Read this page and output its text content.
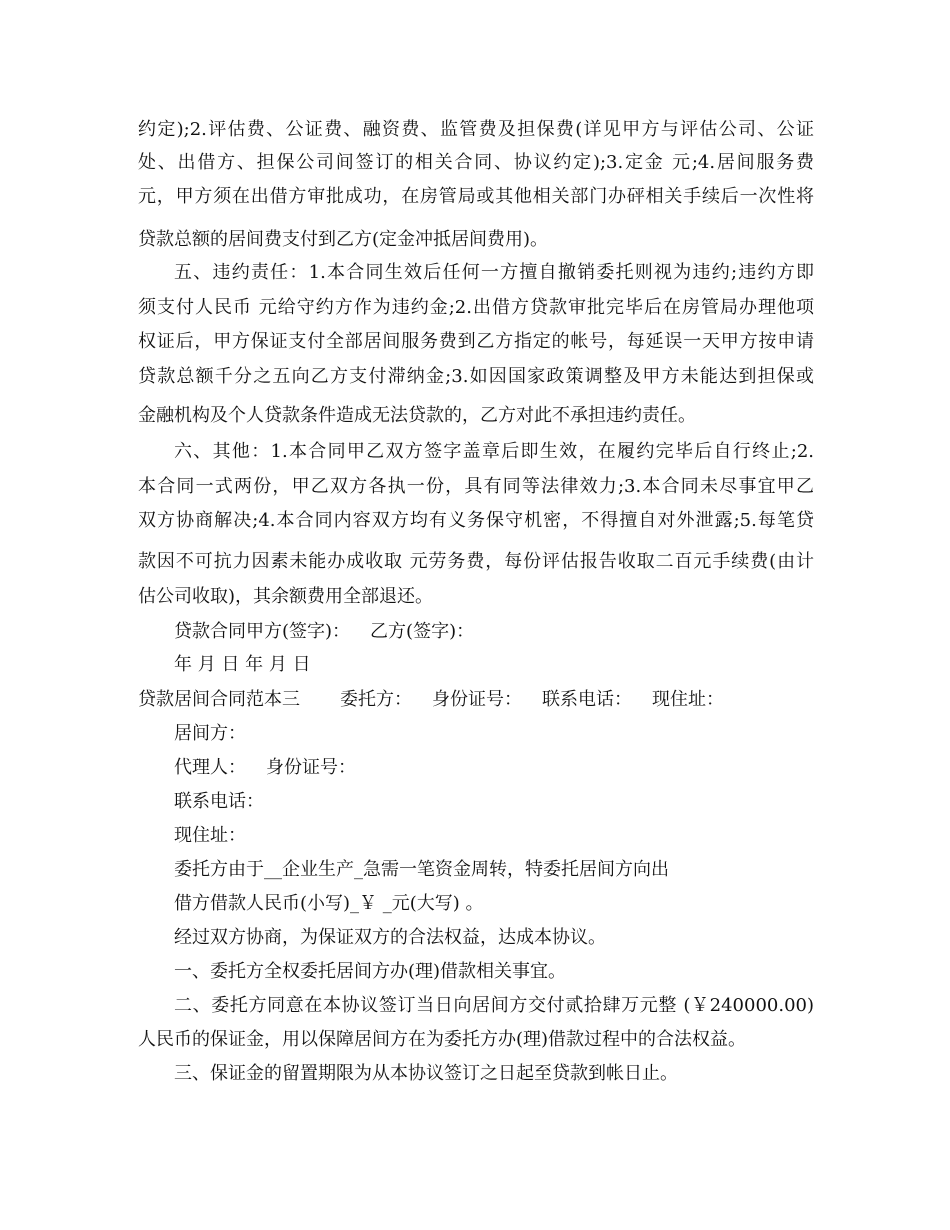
约定);2.评估费、公证费、融资费、监管费及担保费(详见甲方与评估公司、公证
处、出借方、担保公司间签订的相关合同、协议约定);3.定金 元;4.居间服务费
元，甲方须在出借方审批成功，在房管局或其他相关部门办砰相关手续后一次性将
贷款总额的居间费支付到乙方(定金冲抵居间费用)。
五、违约责任：1.本合同生效后任何一方擅自撤销委托则视为违约;违约方即
须支付人民币 元给守约方作为违约金;2.出借方贷款审批完毕后在房管局办理他项
权证后，甲方保证支付全部居间服务费到乙方指定的帐号，每延误一天甲方按申请
贷款总额千分之五向乙方支付滞纳金;3.如因国家政策调整及甲方未能达到担保或
金融机构及个人贷款条件造成无法贷款的，乙方对此不承担违约责任。
六、其他：1.本合同甲乙双方签字盖章后即生效，在履约完毕后自行终止;2.
本合同一式两份，甲乙双方各执一份，具有同等法律效力;3.本合同未尽事宜甲乙
双方协商解决;4.本合同内容双方均有义务保守机密，不得擅自对外泄露;5.每笔贷
款因不可抗力因素未能办成收取 元劳务费，每份评估报告收取二百元手续费(由计
估公司收取)，其余额费用全部退还。
贷款合同甲方(签字)： 乙方(签字)：
年 月 日 年 月 日
贷款居间合同范本三 委托方： 身份证号： 联系电话： 现住址：
居间方：
代理人： 身份证号：
联系电话：
现住址：
委托方由于__企业生产_急需一笔资金周转，特委托居间方向出
借方借款人民币(小写)_￥ _元(大写) 。
经过双方协商，为保证双方的合法权益，达成本协议。
一、委托方全权委托居间方办(理)借款相关事宜。
二、委托方同意在本协议签订当日向居间方交付贰拾肆万元整 (￥240000.00)
人民币的保证金，用以保障居间方在为委托方办(理)借款过程中的合法权益。
三、保证金的留置期限为从本协议签订之日起至贷款到帐日止。
